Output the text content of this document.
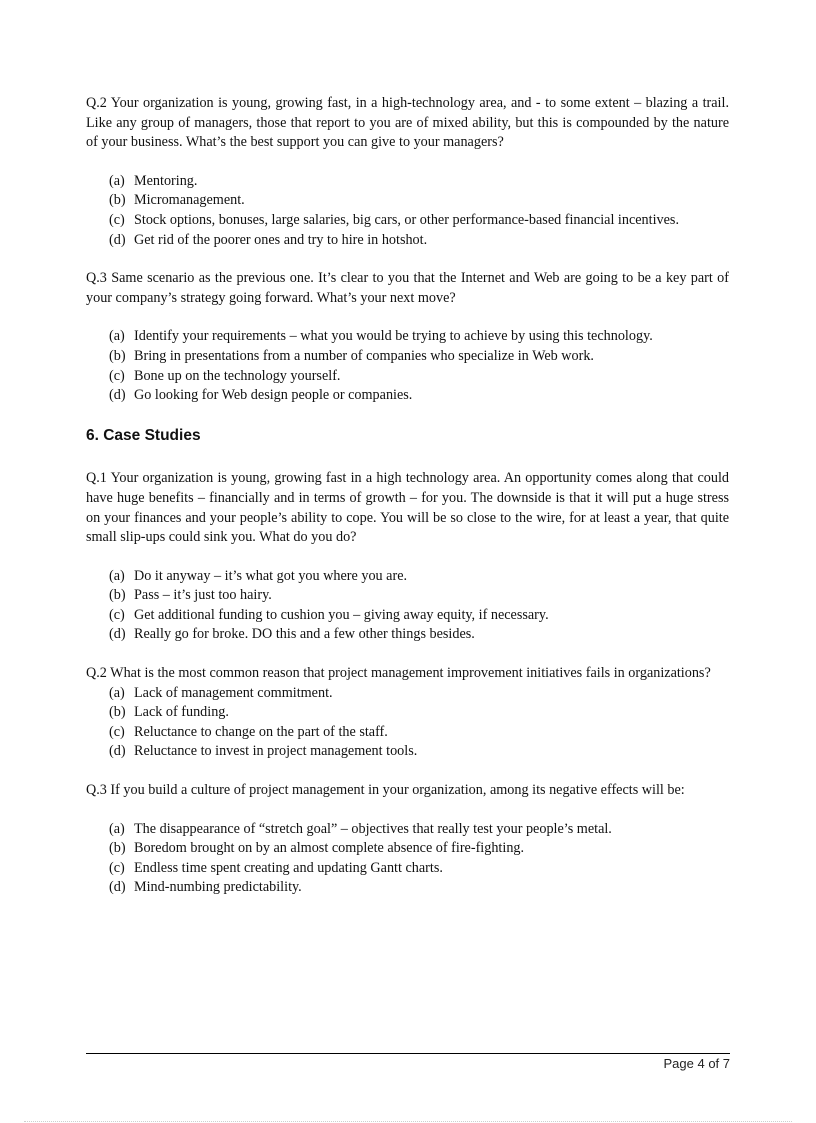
Q.2 Your organization is young, growing fast, in a high-technology area, and - to some extent – blazing a trail. Like any group of managers, those that report to you are of mixed ability, but this is compounded by the nature of your business. What’s the best support you can give to your managers?

(a) Mentoring.
(b) Micromanagement.
(c) Stock options, bonuses, large salaries, big cars, or other performance-based financial incentives.
(d) Get rid of the poorer ones and try to hire in hotshot.

Q.3 Same scenario as the previous one. It’s clear to you that the Internet and Web are going to be a key part of your company’s strategy going forward. What’s your next move?

(a) Identify your requirements – what you would be trying to achieve by using this technology.
(b) Bring in presentations from a number of companies who specialize in Web work.
(c) Bone up on the technology yourself.
(d) Go looking for Web design people or companies.
6. Case Studies

Q.1 Your organization is young, growing fast in a high technology area. An opportunity comes along that could have huge benefits – financially and in terms of growth – for you. The downside is that it will put a huge stress on your finances and your people’s ability to cope. You will be so close to the wire, for at least a year, that quite small slip-ups could sink you. What do you do?

(a) Do it anyway – it’s what got you where you are.
(b) Pass – it’s just too hairy.
(c) Get additional funding to cushion you – giving away equity, if necessary.
(d) Really go for broke. DO this and a few other things besides.

Q.2 What is the most common reason that project management improvement initiatives fails in organizations?

(a) Lack of management commitment.
(b) Lack of funding.
(c) Reluctance to change on the part of the staff.
(d) Reluctance to invest in project management tools.

Q.3 If you build a culture of project management in your organization, among its negative effects will be:

(a) The disappearance of “stretch goal” – objectives that really test your people’s metal.
(b) Boredom brought on by an almost complete absence of fire-fighting.
(c) Endless time spent creating and updating Gantt charts.
(d) Mind-numbing predictability.
Page 4 of 7
